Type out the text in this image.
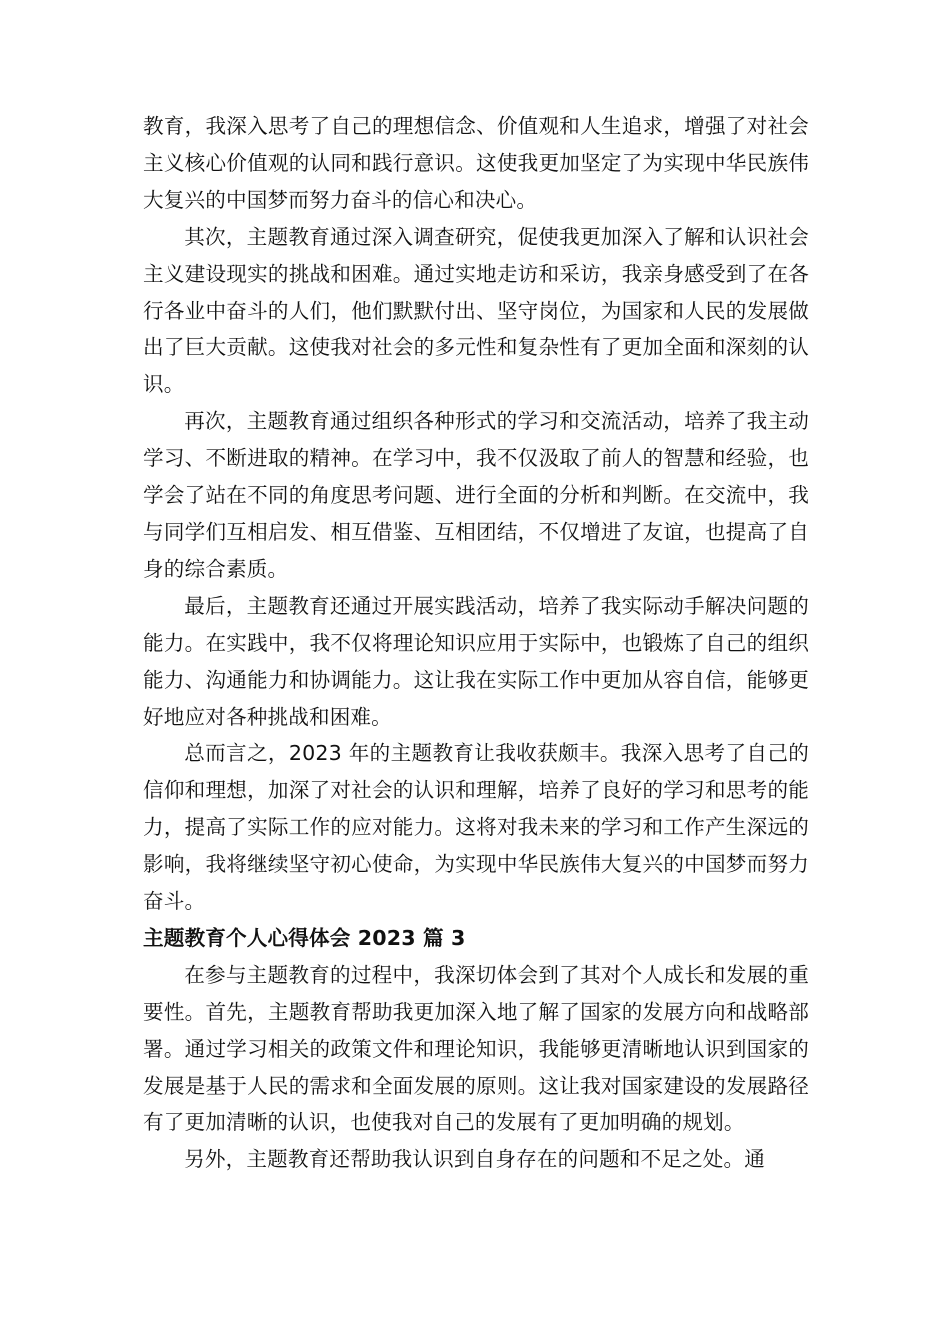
教育，我深入思考了自己的理想信念、价值观和人生追求，增强了对社会主义核心价值观的认同和践行意识。这使我更加坚定了为实现中华民族伟大复兴的中国梦而努力奋斗的信心和决心。

其次，主题教育通过深入调查研究，促使我更加深入了解和认识社会主义建设现实的挑战和困难。通过实地走访和采访，我亲身感受到了在各行各业中奋斗的人们，他们默默付出、坚守岗位，为国家和人民的发展做出了巨大贡献。这使我对社会的多元性和复杂性有了更加全面和深刻的认识。

再次，主题教育通过组织各种形式的学习和交流活动，培养了我主动学习、不断进取的精神。在学习中，我不仅汲取了前人的智慧和经验，也学会了站在不同的角度思考问题、进行全面的分析和判断。在交流中，我与同学们互相启发、相互借鉴、互相团结，不仅增进了友谊，也提高了自身的综合素质。

最后，主题教育还通过开展实践活动，培养了我实际动手解决问题的能力。在实践中，我不仅将理论知识应用于实际中，也锻炼了自己的组织能力、沟通能力和协调能力。这让我在实际工作中更加从容自信，能够更好地应对各种挑战和困难。

总而言之，2023 年的主题教育让我收获颇丰。我深入思考了自己的信仰和理想，加深了对社会的认识和理解，培养了良好的学习和思考的能力，提高了实际工作的应对能力。这将对我未来的学习和工作产生深远的影响，我将继续坚守初心使命，为实现中华民族伟大复兴的中国梦而努力奋斗。

主题教育个人心得体会 2023 篇 3

在参与主题教育的过程中，我深切体会到了其对个人成长和发展的重要性。首先，主题教育帮助我更加深入地了解了国家的发展方向和战略部署。通过学习相关的政策文件和理论知识，我能够更清晰地认识到国家的发展是基于人民的需求和全面发展的原则。这让我对国家建设的发展路径有了更加清晰的认识，也使我对自己的发展有了更加明确的规划。

另外，主题教育还帮助我认识到自身存在的问题和不足之处。通
